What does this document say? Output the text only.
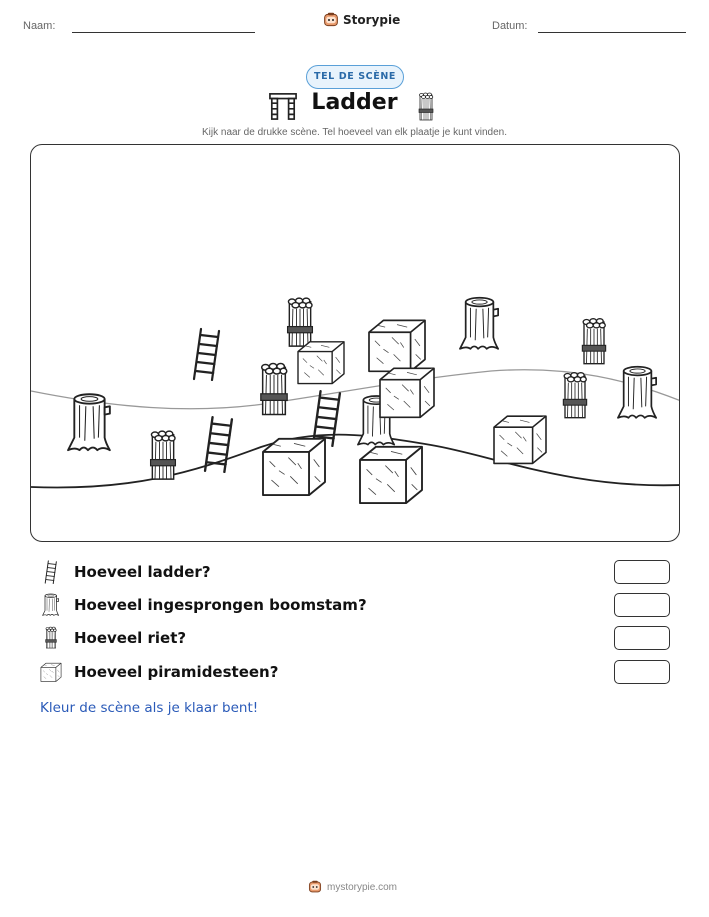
Naam:	Storypie	Datum:
TEL DE SCÈNE
Ladder
Kijk naar de drukke scène. Tel hoeveel van elk plaatje je kunt vinden.
Hoeveel ladder?
Hoeveel ingesprongen boomstam?
Hoeveel riet?
Hoeveel piramidesteen?
Kleur de scène als je klaar bent!
mystorypie.com
